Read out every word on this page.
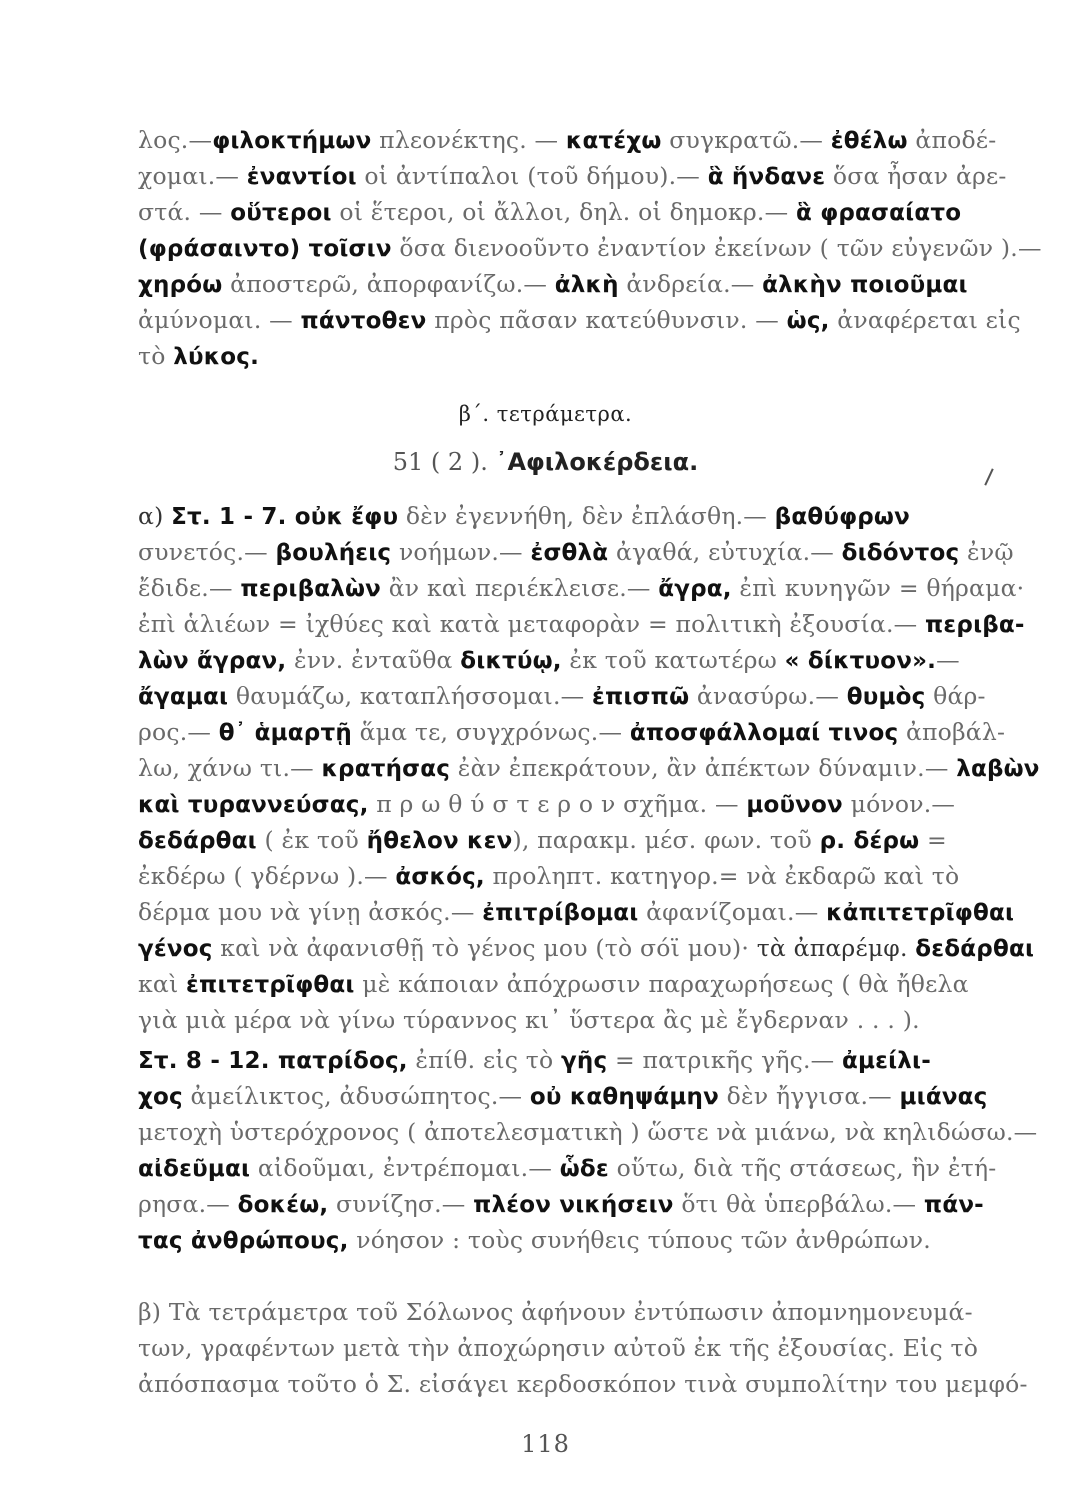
λος.—φιλοκτήμων πλεονέκτης. — κατέχω συγκρατῶ.— ἐθέλω ἀποδέ-
χομαι.— ἐναντίοι οἱ ἀντίπαλοι (τοῦ δήμου).— ἃ ἥνδανε ὅσα ἦσαν ἀρε-
στά. — οὕτεροι οἱ ἕτεροι, οἱ ἄλλοι, δηλ. οἱ δημοκρ.— ἃ φρασαίατο
(φράσαιντο) τοῖσιν ὅσα διενοοῦντο ἐναντίον ἐκείνων ( τῶν εὐγενῶν ).—
χηρόω ἀποστερῶ, ἀπορφανίζω.— ἀλκὴ ἀνδρεία.— ἀλκὴν ποιοῦμαι
ἀμύνομαι. — πάντοθεν πρὸς πᾶσαν κατεύθυνσιν. — ὡς, ἀναφέρεται εἰς
τὸ λύκος.
β΄. τετράμετρα.
51 ( 2 ). ᾿Αφιλοκέρδεια.
α) Στ. 1 - 7. οὐκ ἔφυ δὲν ἐγεννήθη, δὲν ἐπλάσθη.— βαθύφρων
συνετός.— βουλήεις νοήμων.— ἐσθλὰ ἀγαθά, εὐτυχία.— διδόντος ἐνῷ
ἔδιδε.— περιβαλὼν ἂν καὶ περιέκλεισε.— ἄγρα, ἐπὶ κυνηγῶν = θήραμα·
ἐπὶ ἁλιέων = ἰχθύες καὶ κατὰ μεταφορὰν = πολιτικὴ ἐξουσία.— περιβα-
λὼν ἄγραν, ἐνν. ἐνταῦθα δικτύῳ, ἐκ τοῦ κατωτέρω « δίκτυον».—
ἄγαμαι θαυμάζω, καταπλήσσομαι.— ἐπισπῶ ἀνασύρω.— θυμὸς θάρ-
ρος.— θ᾿ ἁμαρτῇ ἅμα τε, συγχρόνως.— ἀποσφάλλομαί τινος ἀποβάλ-
λω, χάνω τι.— κρατήσας ἐὰν ἐπεκράτουν, ἂν ἀπέκτων δύναμιν.— λαβὼν
καὶ τυραννεύσας, π ρ ω θ ύ σ τ ε ρ ο ν σχῆμα. — μοῦνον μόνον.—
δεδάρθαι ( ἐκ τοῦ ἤθελον κεν), παρακμ. μέσ. φων. τοῦ ρ. δέρω =
ἐκδέρω ( γδέρνω ).— ἀσκός, προληπτ. κατηγορ.= νὰ ἐκδαρῶ καὶ τὸ
δέρμα μου νὰ γίνῃ ἀσκός.— ἐπιτρίβομαι ἀφανίζομαι.— κἀπιτετρῖφθαι
γένος καὶ νὰ ἀφανισθῇ τὸ γένος μου (τὸ σόϊ μου)· τὰ ἀπαρέμφ. δεδάρθαι
καὶ ἐπιτετρῖφθαι μὲ κάποιαν ἀπόχρωσιν παραχωρήσεως ( θὰ ἤθελα
γιὰ μιὰ μέρα νὰ γίνω τύραννος κι᾿ ὕστερα ἂς μὲ ἔγδερναν . . . ).
Στ. 8 - 12. πατρίδος, ἐπίθ. εἰς τὸ γῆς = πατρικῆς γῆς.— ἀμείλι-
χος ἀμείλικτος, ἀδυσώπητος.— οὐ καθηψάμην δὲν ἤγγισα.— μιάνας
μετοχὴ ὑστερόχρονος ( ἀποτελεσματικὴ ) ὥστε νὰ μιάνω, νὰ κηλιδώσω.—
αἰδεῦμαι αἰδοῦμαι, ἐντρέπομαι.— ὧδε οὕτω, διὰ τῆς στάσεως, ἣν ἐτή-
ρησα.— δοκέω, συνίζησ.— πλέον νικήσειν ὅτι θὰ ὑπερβάλω.— πάν-
τας ἀνθρώπους, νόησον : τοὺς συνήθεις τύπους τῶν ἀνθρώπων.
β) Τὰ τετράμετρα τοῦ Σόλωνος ἀφήνουν ἐντύπωσιν ἀπομνημονευμά-
των, γραφέντων μετὰ τὴν ἀποχώρησιν αὐτοῦ ἐκ τῆς ἐξουσίας. Εἰς τὸ
ἀπόσπασμα τοῦτο ὁ Σ. εἰσάγει κερδοσκόπον τινὰ συμπολίτην του μεμφό-
118
